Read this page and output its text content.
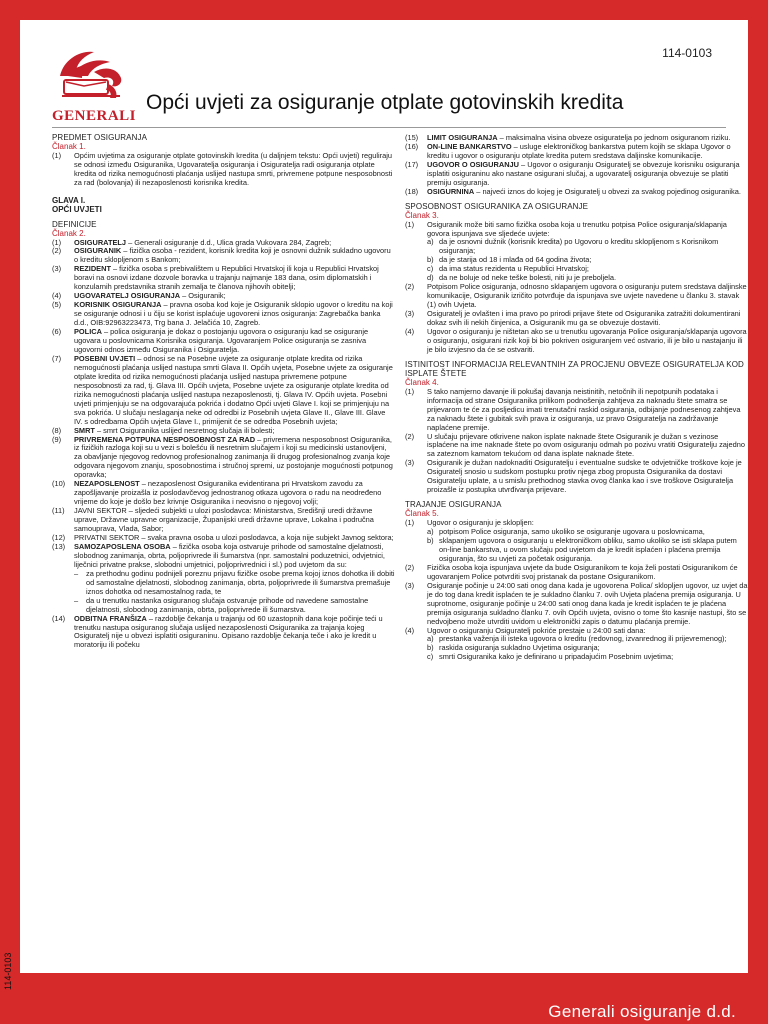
GENERALI
114-0103
Opći uvjeti za osiguranje otplate gotovinskih kredita

PREDMET OSIGURANJA

Članak 1.

(1) Općim uvjetima za osiguranje otplate gotovinskih kredita (u daljnjem tekstu: Opći uvjeti) reguliraju se odnosi između Osiguranika, Ugovaratelja osiguranja i Osiguratelja radi osiguranja otplate kredita od rizika nemogućnosti plaćanja uslijed nastupa smrti, privremene potpune nesposobnosti za rad (bolovanja) ili nezaposlenosti korisnika kredita.

GLAVA I.

OPĆI UVJETI

DEFINICIJE

Članak 2.

(1) OSIGURATELJ – Generali osiguranje d.d., Ulica grada Vukovara 284, Zagreb;
(2) OSIGURANIK – fizička osoba - rezident, korisnik kredita koji je osnovni dužnik sukladno ugovoru o kreditu sklopljenom s Bankom;
(3) REZIDENT – fizička osoba s prebivalištem u Republici Hrvatskoj ili koja u Republici Hrvatskoj boravi na osnovi izdane dozvole boravka u trajanju najmanje 183 dana, osim diplomatskih i konzularnih predstavnika stranih zemalja te članova njihovih obitelji;
(4) UGOVARATELJ OSIGURANJA – Osiguranik;
(5) KORISNIK OSIGURANJA – pravna osoba kod koje je Osiguranik sklopio ugovor o kreditu na koji se osiguranje odnosi i u čiju se korist isplaćuje ugovoreni iznos osiguranja: Zagrebačka banka d.d., OIB:92963223473, Trg bana J. Jelačića 10, Zagreb.
(6) POLICA – polica osiguranja je dokaz o postojanju ugovora o osiguranju kad se osiguranje ugovara u poslovnicama Korisnika osiguranja. Ugovaranjem Police osiguranja se zasniva ugovorni odnos između Osiguranika i Osiguratelja.
(7) POSEBNI UVJETI – odnosi se na Posebne uvjete za osiguranje otplate kredita od rizika nemogućnosti plaćanja uslijed nastupa smrti Glava II. Općih uvjeta, Posebne uvjete za osiguranje otplate kredita od rizika nemogućnosti plaćanja uslijed nastupa privremene potpune nesposobnosti za rad, tj. Glava III. Općih uvjeta, Posebne uvjete za osiguranje otplate kredita od rizika nemogućnosti plaćanja uslijed nastupa nezaposlenosti, tj. Glava IV. Općih uvjeta. Posebni uvjeti primjenjuju se na odgovarajuća pokrića i dodatno Opći uvjeti Glave I. koji se primjenjuju na sva pokrića. U slučaju neslaganja neke od odredbi iz Posebnih uvjeta Glave II., Glave III. Glave IV. s odredbama Općih uvjeta Glave I., primijenit će se odredba Posebnih uvjeta;
(8) SMRT – smrt Osiguranika uslijed nesretnog slučaja ili bolesti;
(9) PRIVREMENA POTPUNA NESPOSOBNOST ZA RAD – privremena nesposobnost Osiguranika, iz fizičkih razloga koji su u vezi s bolešću ili nesretnim slučajem i koji su medicinski ustanovljeni, za obavljanje njegovog redovnog profesionalnog zanimanja ili drugog profesionalnog zvanja koje odgovara njegovom znanju, sposobnostima i stručnoj spremi, uz postojanje mogućnosti potpunog oporavka;
(10) NEZAPOSLENOST – nezaposlenost Osiguranika evidentirana pri Hrvatskom zavodu za zapošljavanje proizašla iz poslodavčevog jednostranog otkaza ugovora o radu na neodređeno vrijeme do koje je došlo bez krivnje Osiguranika i neovisno o njegovoj volji;
(11) JAVNI SEKTOR – sljedeći subjekti u ulozi poslodavca: Ministarstva, Središnji uredi državne uprave, Državne upravne organizacije, Županijski uredi državne uprave, Lokalna i područna samouprava, Vlada, Sabor;
(12) PRIVATNI SEKTOR – svaka pravna osoba u ulozi poslodavca, a koja nije subjekt Javnog sektora;
(13) SAMOZAPOSLENA OSOBA – fizička osoba koja ostvaruje prihode od samostalne djelatnosti, slobodnog zanimanja, obrta, poljoprivrede ili šumarstva (npr. samostalni poduzetnici, odvjetnici, liječnici privatne prakse, slobodni umjetnici, poljoprivrednici i sl.) pod uvjetom da su:
– za prethodnu godinu podnijeli poreznu prijavu fizičke osobe prema kojoj iznos dohotka ili dobiti od samostalne djelatnosti, slobodnog zanimanja, obrta, poljoprivrede ili šumarstva premašuje iznos dohotka od nesamostalnog rada, te
– da u trenutku nastanka osiguranog slučaja ostvaruje prihode od navedene samostalne djelatnosti, slobodnog zanimanja, obrta, poljoprivrede ili šumarstva.
(14) ODBITNA FRANŠIZA – razdoblje čekanja u trajanju od 60 uzastopnih dana koje počinje teći u trenutku nastupa osiguranog slučaja uslijed nezaposlenosti Osiguranika za trajanja kojeg Osiguratelj nije u obvezi isplatiti osiguraninu. Opisano razdoblje čekanja teče i ako je kredit u moratoriju ili počeku
(15) LIMIT OSIGURANJA – maksimalna visina obveze osiguratelja po jednom osiguranom riziku.
(16) ON-LINE BANKARSTVO – usluge elektroničkog bankarstva putem kojih se sklapa Ugovor o kreditu i ugovor o osiguranju otplate kredita putem sredstava daljinske komunikacije.
(17) UGOVOR O OSIGURANJU – Ugovor o osiguranju Osiguratelj se obvezuje korisniku osiguranja isplatiti osiguraninu ako nastane osigurani slučaj, a ugovaratelj osiguranja obvezuje se platiti premiju osiguranja.
(18) OSIGURNINA – najveći iznos do kojeg je Osiguratelj u obvezi za svakog pojedinog osiguranika.

SPOSOBNOST OSIGURANIKA ZA OSIGURANJE

Članak 3.

(1) Osiguranik može biti samo fizička osoba koja u trenutku potpisa Police osiguranja/sklapanja govora ispunjava sve sljedeće uvjete:
a) da je osnovni dužnik (korisnik kredita) po Ugovoru o kreditu sklopljenom s Korisnikom osiguranja;
b) da je starija od 18 i mlađa od 64 godina života;
c) da ima status rezidenta u Republici Hrvatskoj;
d) da ne boluje od neke teške bolesti, niti ju je preboljela.
(2) Potpisom Police osiguranja, odnosno sklapanjem ugovora o osiguranju putem sredstava daljinske komunikacije, Osiguranik izričito potvrđuje da ispunjava sve uvjete navedene u članku 3. stavak (1) ovih Uvjeta.
(3) Osiguratelj je ovlašten i ima pravo po prirodi prijave štete od Osiguranika zatražiti dokumentirani dokaz svih ili nekih činjenica, a Osiguranik mu ga se obvezuje dostaviti.
(4) Ugovor o osiguranju je ništetan ako se u trenutku ugovaranja Police osiguranja/sklapanja ugovora o osiguranju, osigurani rizik koji bi bio pokriven osiguranjem već ostvario, ili je bilo u nastajanju ili je bilo izvjesno da će se ostvariti.

ISTINITOST INFORMACIJA RELEVANTNIH ZA PROCJENU OBVEZE OSIGURATELJA KOD ISPLATE ŠTETE

Članak 4.

(1) S tako namjerno davanje ili pokušaj davanja neistinitih, netočnih ili nepotpunih podataka i informacija od strane Osiguranika prilikom podnošenja zahtjeva za naknadu štete smatra se prijevarom te će za posljedicu imati trenutačni raskid osiguranja, odbijanje podnesenog zahtjeva za naknadu štete i gubitak svih prava iz osiguranja, uz pravo Osiguratelja na zadržavanje naplaćene premije.
(2) U slučaju prijevare otkrivene nakon isplate naknade štete Osiguranik je dužan s vezinose isplaćene na ime naknade štete po ovom osiguranju odmah po pozivu vratiti Osiguratelju zajedno sa zateznom kamatom tekućom od dana isplate naknade štete.
(3) Osiguranik je dužan nadoknaditi Osiguratelju i eventualne sudske te odvjetničke troškove koje je Osiguratelj snosio u sudskom postupku protiv njega zbog propusta Osiguranika da dostavi Osiguratelju uplate, a u smislu prethodnog stavka ovog članka kao i sve troškove Osiguratelja proizašle iz postupka utvrđivanja prijevare.

TRAJANJE OSIGURANJA

Članak 5.

(1) Ugovor o osiguranju je sklopljen:
a) potpisom Police osiguranja, samo ukoliko se osiguranje ugovara u poslovnicama,
b) sklapanjem ugovora o osiguranju u elektroničkom obliku, samo ukoliko se isti sklapa putem on-line bankarstva, u ovom slučaju pod uvjetom da je kredit isplaćen i plaćena premija osiguranja, što su uvjeti za početak osiguranja.
(2) Fizička osoba koja ispunjava uvjete da bude Osiguranikom te koja želi postati Osiguranikom će ugovaranjem Police potvrditi svoj pristanak da postane Osiguranikom.
(3) Osiguranje počinje u 24:00 sati onog dana kada je ugovorena Polica/ sklopljen ugovor, uz uvjet da je do tog dana kredit isplaćen te je sukladno članku 7. ovih Uvjeta plaćena premija osiguranja. U suprotnome, osiguranje počinje u 24:00 sati onog dana kada je kredit isplaćen te je plaćena premija osiguranja sukladno članku 7. ovih Općih uvjeta, ovisno o tome što kasnije nastupi, što se nedvojbeno može utvrditi uvidom u elektronički zapis o datumu plaćanja premije.
(4) Ugovor o osiguranju Osiguratelj pokriće prestaje u 24:00 sati dana:
a) prestanka važenja ili isteka ugovora o kreditu (redovnog, izvanrednog ili prijevremenog);
b) raskida osiguranja sukladno Uvjetima osiguranja;
c) smrti Osiguranika kako je definirano u pripadajućim Posebnim uvjetima;
Generali osiguranje d.d.
114-0103
